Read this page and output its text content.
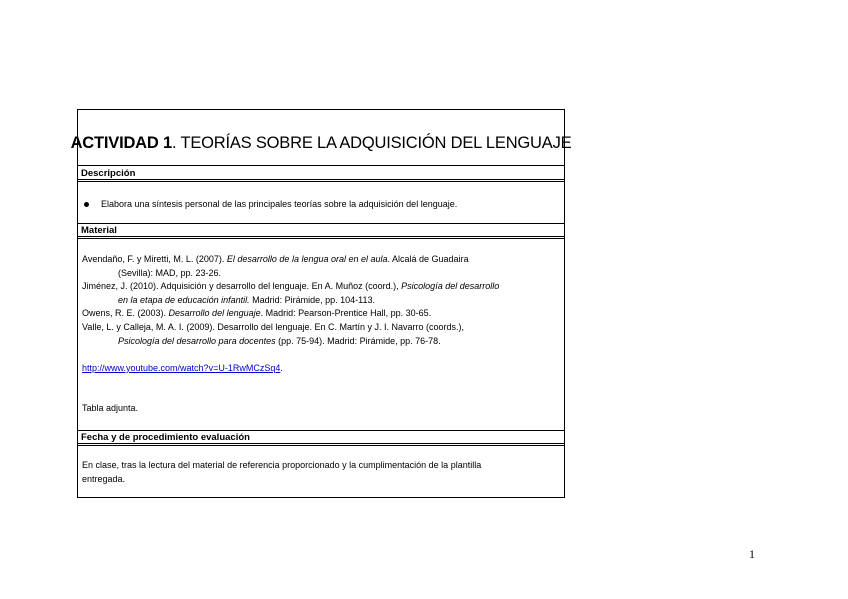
ACTIVIDAD 1 . TEORÍAS SOBRE LA ADQUISICIÓN DEL LENGUAJE
Descripción
Elabora una síntesis personal de las principales teorías sobre la adquisición del lenguaje.
Material
Avendaño, F. y Miretti, M. L. (2007). El desarrollo de la lengua oral en el aula. Alcalá de Guadaira
(Sevilla): MAD, pp. 23-26.
Jiménez, J. (2010). Adquisición y desarrollo del lenguaje. En A. Muñoz (coord.), Psicología del desarrollo
en la etapa de educación infantil. Madrid: Pirámide, pp. 104-113.
Owens, R. E. (2003). Desarrollo del lenguaje. Madrid: Pearson-Prentice Hall, pp. 30-65.
Valle, L. y Calleja, M. A. I. (2009). Desarrollo del lenguaje. En C. Martín y J. I. Navarro (coords.),
Psicología del desarrollo para docentes (pp. 75-94). Madrid: Pirámide, pp. 76-78.
http://www.youtube.com/watch?v=U-1RwMCzSq4.
Tabla adjunta.
Fecha y de procedimiento evaluación
En clase, tras la lectura del material de referencia proporcionado y la cumplimentación de la plantilla
entregada.
1
